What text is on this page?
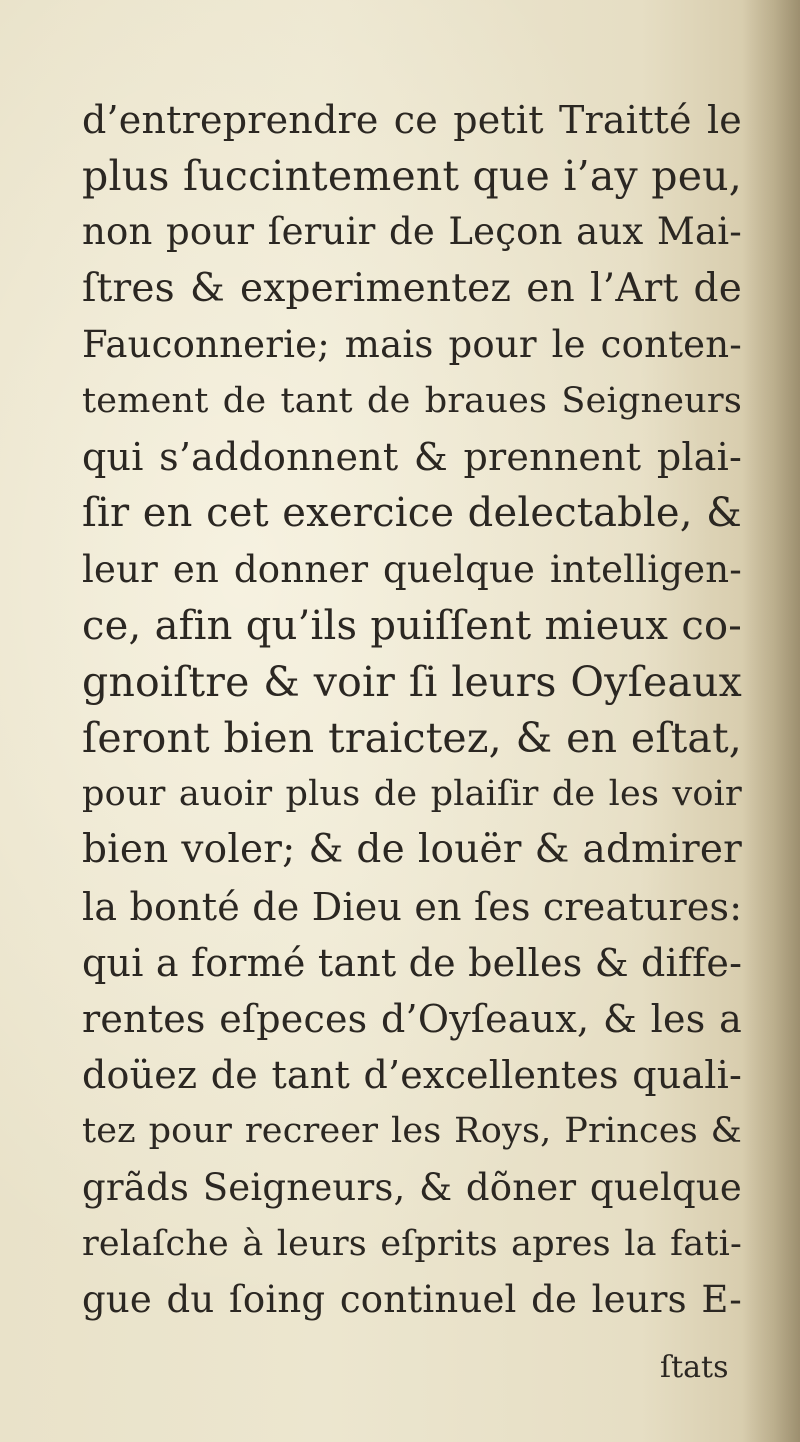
d’entreprendre ce petit Traitté le
plus ſuccintement que i’ay peu,
non pour ſeruir de Leçon aux Mai-
ſtres & experimentez en l’Art de
Fauconnerie; mais pour le conten-
tement de tant de braues Seigneurs
qui s’addonnent & prennent plai-
ſir en cet exercice delectable, &
leur en donner quelque intelligen-
ce, afin qu’ils puiſſent mieux co-
gnoiſtre & voir ſi leurs Oyſeaux
ſeront bien traictez, & en eſtat,
pour auoir plus de plaiſir de les voir
bien voler; & de louër & admirer
la bonté de Dieu en ſes creatures:
qui a formé tant de belles & diffe-
rentes eſpeces d’Oyſeaux, & les a
doüez de tant d’excellentes quali-
tez pour recreer les Roys, Princes &
grãds Seigneurs, & dõner quelque
relaſche à leurs eſprits apres la fati-
gue du ſoing continuel de leurs E-
ſtats
